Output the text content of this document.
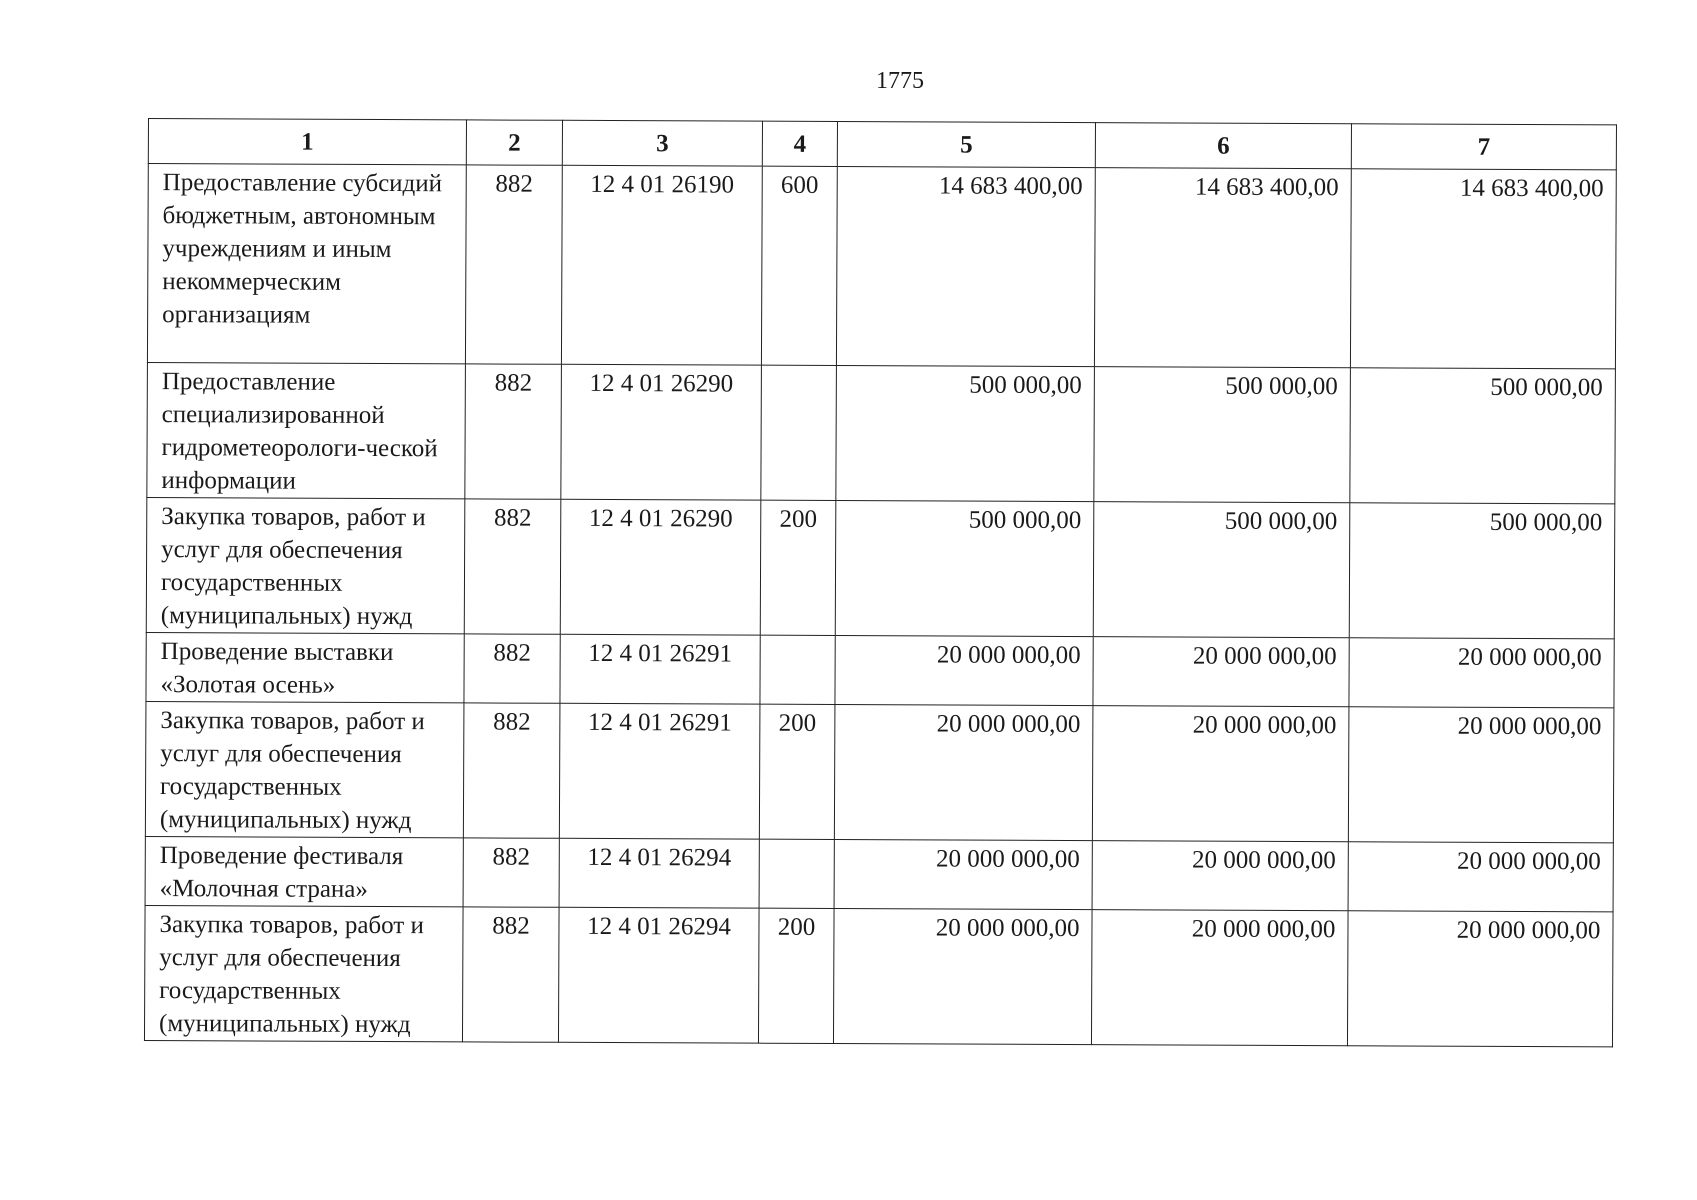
1775
1	2	3	4	5	6	7
Предоставление субсидий бюджетным, автономным учреждениям и иным некоммерческим организациям	882	12 4 01 26190	600	14 683 400,00	14 683 400,00	14 683 400,00
Предоставление специализированной гидрометеорологи-ческой информации	882	12 4 01 26290		500 000,00	500 000,00	500 000,00
Закупка товаров, работ и услуг для обеспечения государственных (муниципальных) нужд	882	12 4 01 26290	200	500 000,00	500 000,00	500 000,00
Проведение выставки «Золотая осень»	882	12 4 01 26291		20 000 000,00	20 000 000,00	20 000 000,00
Закупка товаров, работ и услуг для обеспечения государственных (муниципальных) нужд	882	12 4 01 26291	200	20 000 000,00	20 000 000,00	20 000 000,00
Проведение фестиваля «Молочная страна»	882	12 4 01 26294		20 000 000,00	20 000 000,00	20 000 000,00
Закупка товаров, работ и услуг для обеспечения государственных (муниципальных) нужд	882	12 4 01 26294	200	20 000 000,00	20 000 000,00	20 000 000,00
